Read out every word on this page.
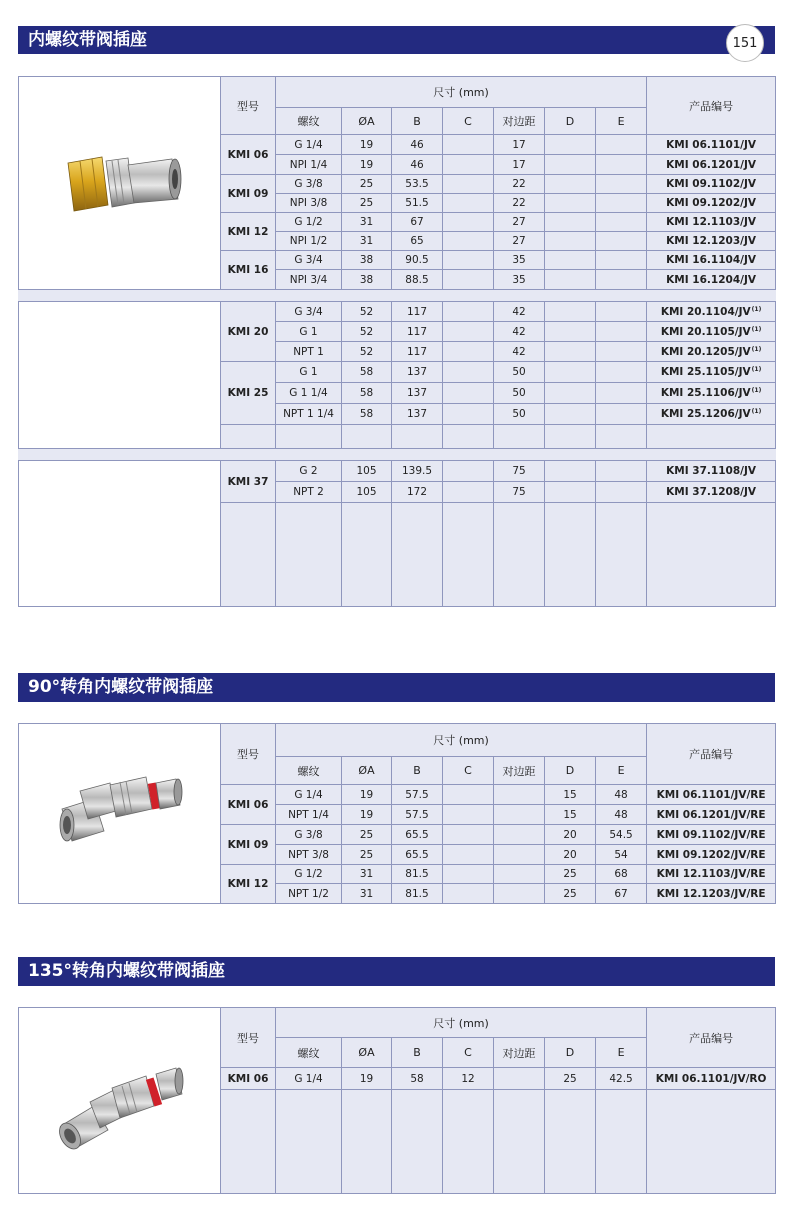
内螺纹带阀插座	151
	型号	尺寸 (mm)							产品编号
		螺纹	ØA	B	C	对边距	D	E	
	KMI 06	G 1/4	19	46		17			KMI 06.1101/JV
		NPI 1/4	19	46		17			KMI 06.1201/JV
	KMI 09	G 3/8	25	53.5		22			KMI 09.1102/JV
		NPI 3/8	25	51.5		22			KMI 09.1202/JV
	KMI 12	G 1/2	31	67		27			KMI 12.1103/JV
		NPI 1/2	31	65		27			KMI 12.1203/JV
	KMI 16	G 3/4	38	90.5		35			KMI 16.1104/JV
		NPI 3/4	38	88.5		35			KMI 16.1204/JV

	KMI 20	G 3/4	52	117		42			KMI 20.1104/JV$^{(1)}$
		G 1	52	117		42			KMI 20.1105/JV$^{(1)}$
		NPT 1	52	117		42			KMI 20.1205/JV$^{(1)}$
	KMI 25	G 1	58	137		50			KMI 25.1105/JV$^{(1)}$
		G 1 1/4	58	137		50			KMI 25.1106/JV$^{(1)}$
		NPT 1 1/4	58	137		50			KMI 25.1206/JV$^{(1)}$

	KMI 37	G 2	105	139.5		75			KMI 37.1108/JV
		NPT 2	105	172		75			KMI 37.1208/JV

90°转角内螺纹带阀插座
	型号	尺寸 (mm)							产品编号
		螺纹	ØA	B	C	对边距	D	E	
	KMI 06	G 1/4	19	57.5			15	48	KMI 06.1101/JV/RE
		NPT 1/4	19	57.5			15	48	KMI 06.1201/JV/RE
	KMI 09	G 3/8	25	65.5			20	54.5	KMI 09.1102/JV/RE
		NPT 3/8	25	65.5			20	54	KMI 09.1202/JV/RE
	KMI 12	G 1/2	31	81.5			25	68	KMI 12.1103/JV/RE
		NPT 1/2	31	81.5			25	67	KMI 12.1203/JV/RE
135°转角内螺纹带阀插座
	型号	尺寸 (mm)							产品编号
		螺纹	ØA	B	C	对边距	D	E	
	KMI 06	G 1/4	19	58	12		25	42.5	KMI 06.1101/JV/RO
